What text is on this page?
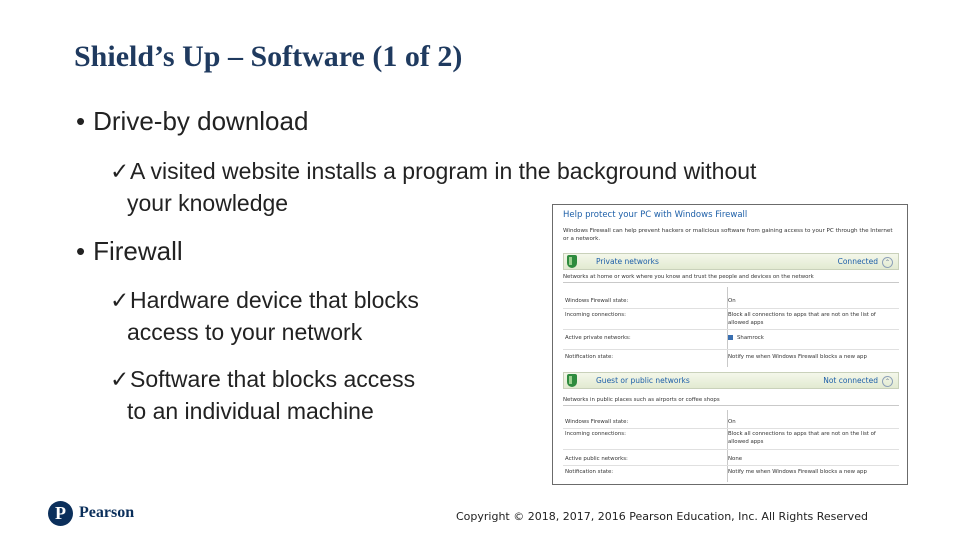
Shield’s Up – Software (1 of 2)
• Drive-by download
✓A visited website installs a program in the background without
your knowledge
• Firewall
✓Hardware device that blocks
access to your network
✓Software that blocks access
to an individual machine
Help protect your PC with Windows Firewall
Windows Firewall can help prevent hackers or malicious software from gaining access to your PC through the Internet or a network.
Private networks	Connected	⌃
Networks at home or work where you know and trust the people and devices on the network
Windows Firewall state:	On
Incoming connections:	Block all connections to apps that are not on the list of allowed apps
Active private networks:	Shamrock
Notification state:	Notify me when Windows Firewall blocks a new app
Guest or public networks	Not connected	⌃
Networks in public places such as airports or coffee shops
Windows Firewall state:	On
Incoming connections:	Block all connections to apps that are not on the list of allowed apps
Active public networks:	None
Notification state:	Notify me when Windows Firewall blocks a new app
P Pearson	Copyright © 2018, 2017, 2016 Pearson Education, Inc. All Rights Reserved
